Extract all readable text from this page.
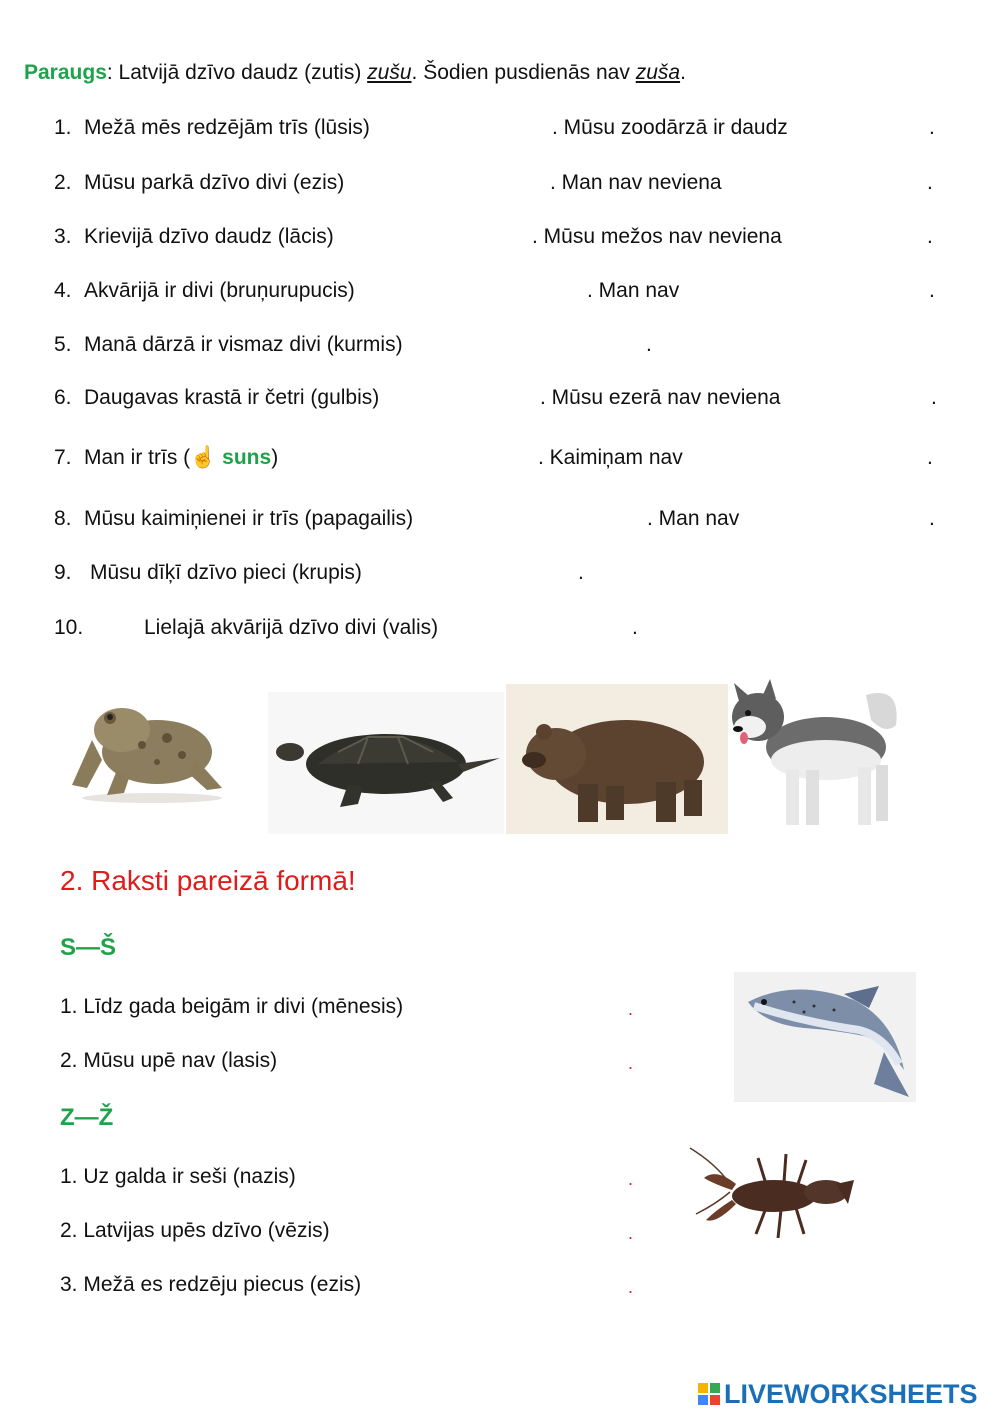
Paraugs: Latvijā dzīvo daudz (zutis) zušu. Šodien pusdienās nav zuša.
1. Mežā mēs redzējām trīs (lūsis)	. Mūsu zoodārzā ir daudz	.
2. Mūsu parkā dzīvo divi (ezis)	. Man nav neviena	.
3. Krievijā dzīvo daudz (lācis)	. Mūsu mežos nav neviena	.
4. Akvārijā ir divi (bruņurupucis)	. Man nav	.
5. Manā dārzā ir vismaz divi (kurmis)	.
6. Daugavas krastā ir četri (gulbis)	. Mūsu ezerā nav neviena	.
7. Man ir trīs (☝ suns)	. Kaimiņam nav	.
8. Mūsu kaimiņienei ir trīs (papagailis)	. Man nav	.
9. Mūsu dīķī dzīvo pieci (krupis)	.
10.	Lielajā akvārijā dzīvo divi (valis)	.
2. Raksti pareizā formā!
S—Š
1. Līdz gada beigām ir divi (mēnesis)	.
2. Mūsu upē nav (lasis)	.
Z—Ž
1. Uz galda ir seši (nazis)	.
2. Latvijas upēs dzīvo (vēzis)	.
3. Mežā es redzēju piecus (ezis)	.
LIVEWORKSHEETS
